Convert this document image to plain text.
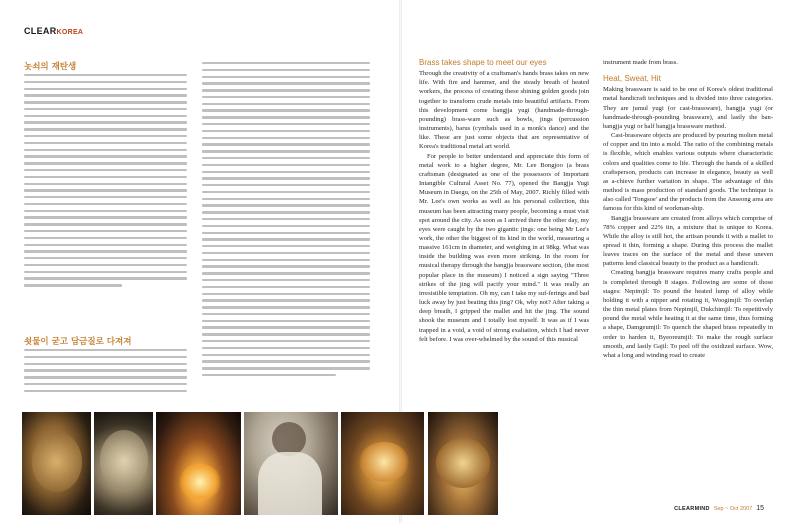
CLEARKOREA
놋쇠의 재탄생
쇳물이 굳고 담금질로 다져져
Brass takes shape to meet our eyes

Through the creativity of a craftsman's hands brass takes on new life. With fire and hammer, and the steady breath of heated workers, the process of creating these shining golden goods join together to transform crude metals into beautiful artifacts. From this development come bangjja yugi (handmade-through-pounding) brass-ware such as bowls, jings (percussion instruments), barus (cymbals used in a monk's dance) and the like. These are just some objects that are representative of Korea's traditional metal art world.

For people to better understand and appreciate this form of metal work to a higher degree, Mr. Lee Bongjoo (a brass craftsman (designated as one of the possessors of Important Intangible Cultural Asset No. 77), opened the Bangjja Yugi Museum in Daegu, on the 25th of May, 2007. Richly filled with Mr. Lee's own works as well as his personal collection, this museum has been attracting many people, becoming a must visit spot around the city. As soon as I arrived there the other day, my eyes were caught by the two gigantic jings: one being Mr Lee's work, the other the biggest of its kind in the world, measuring a massive 161cm in diameter, and weighing in at 98kg. What was inside the building was even more striking. In the room for musical therapy through the bangjja brassware section, (the most popular place in the museum) I noticed a sign saying "Three strikes of the jing will pacify your mind." It was really an irresistible temptation. Oh my, can I take my suf-ferings and bad luck away by just beating this jing? Ok, why not? After taking a deep breath, I gripped the mallet and hit the jing. The sound shook the museum and I totally lost myself. It was as if I was trapped in a void, a void of strong exaltation, which I had never felt before. I was over-whelmed by the sound of this musical

instrument made from brass.

Heat, Sweat, Hit

Making brassware is said to be one of Korea's oldest traditional metal handicraft techniques and is divided into three categories. They are jumul yugi (or cast-brassware), bangjja yugi (or handmade-through-pounding brassware), and lastly the ban-bangjja yugi or half bangjja brassware method.

Cast-brassware objects are produced by pouring molten metal of copper and tin into a mold. The ratio of the combining metals is flexible, which enables various outputs where characteristic colors and qualities come to life. Through the hands of a skilled craftsperson, products can increase in elegance, beauty as well as a-chieve further variation in shape. The advantage of this method is mass production of standard goods. The technique is also called 'Tongsoe' and the products from the Anseong area are famous for this kind of workman-ship.

Bangjja brassware are created from alloys which comprise of 78% copper and 22% tin, a mixture that is unique to Korea. While the alloy is still hot, the artisan pounds it with a mallet to spread it thin, forming a shape. During this process the mallet leaves traces on the surface of the metal and these uneven patterns lend classical beauty to the product as a handicraft.

Creating bangjja brassware requires many crafts people and is completed through 8 stages. Following are some of those stages: Nepimjil: To pound the heated lump of alloy while holding it with a nipper and rotating it, Woogimjil: To overlap the thin metal plates from Nepimjil, Dukchimjil: To repetitively pound the metal while heating it at the same time, thus forming a shape, Damgeumjil: To quench the shaped brass repeatedly in order to harden it, Byeoreumjil: To make the rough surface smooth, and lastly Gajil: To peel off the oxidized surface. Wow, what a long and winding road to create

CLEARMIND Sep ~ Oct 2007 15
